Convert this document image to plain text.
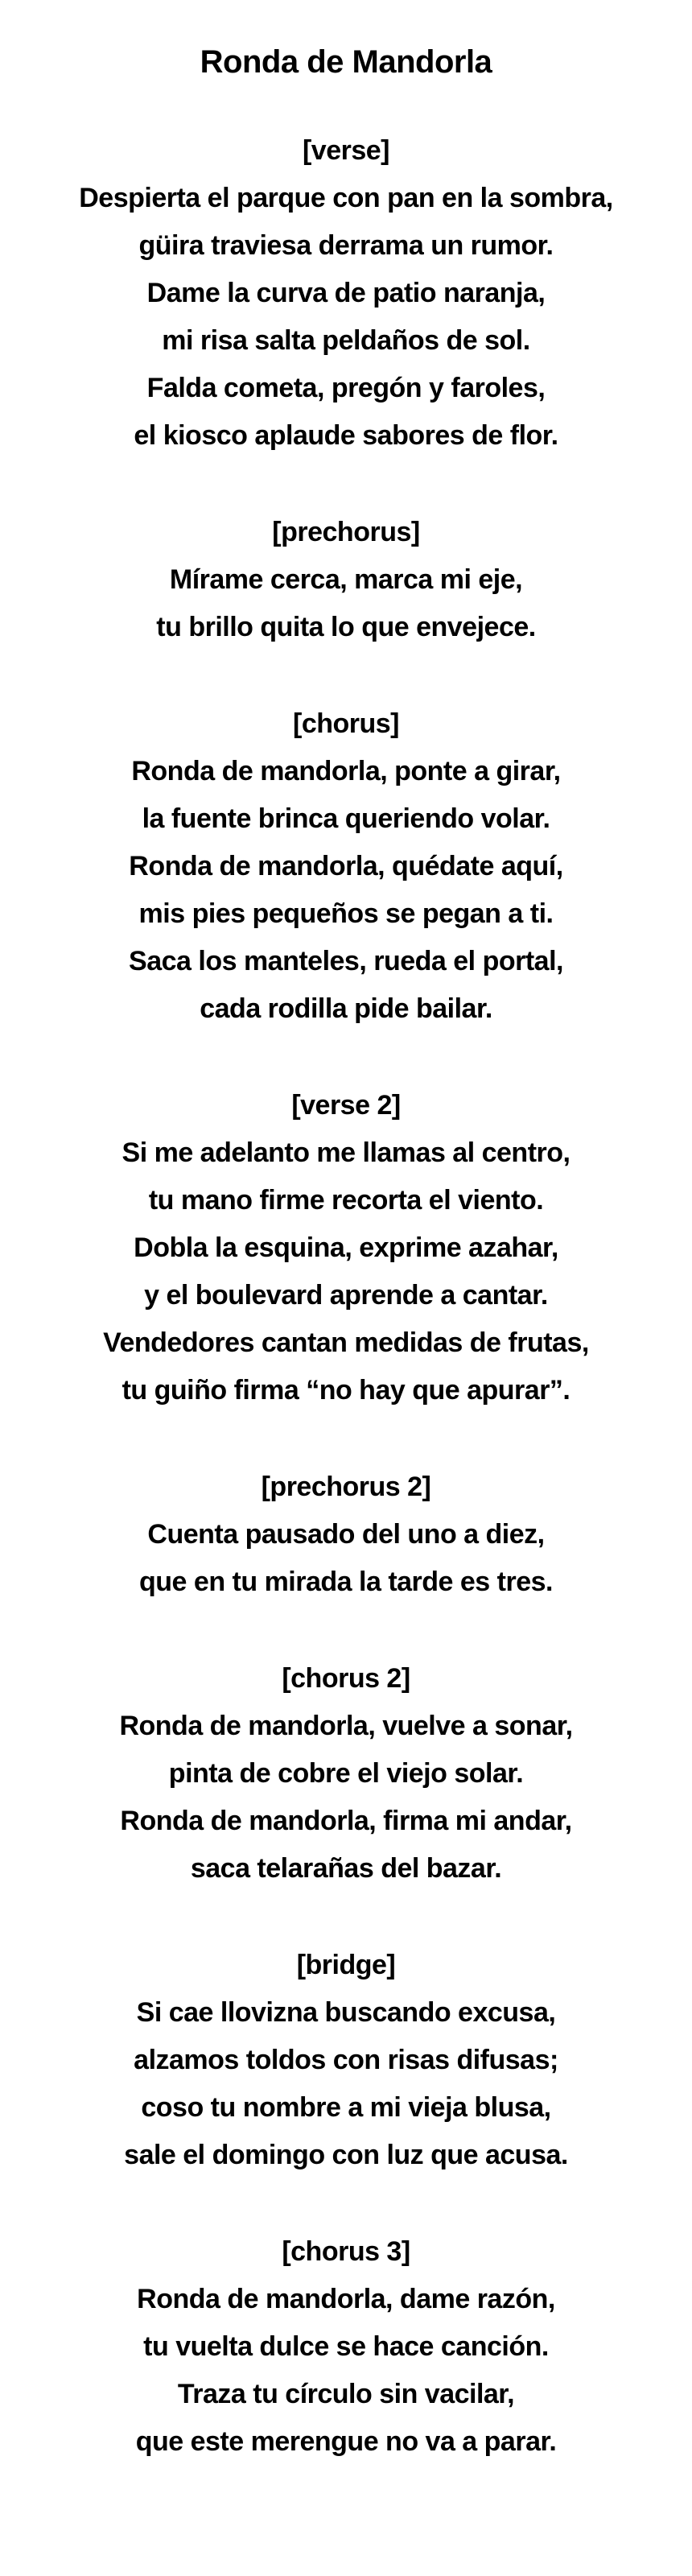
Ronda de Mandorla
[verse]
Despierta el parque con pan en la sombra,
güira traviesa derrama un rumor.
Dame la curva de patio naranja,
mi risa salta peldaños de sol.
Falda cometa, pregón y faroles,
el kiosco aplaude sabores de flor.
[prechorus]
Mírame cerca, marca mi eje,
tu brillo quita lo que envejece.
[chorus]
Ronda de mandorla, ponte a girar,
la fuente brinca queriendo volar.
Ronda de mandorla, quédate aquí,
mis pies pequeños se pegan a ti.
Saca los manteles, rueda el portal,
cada rodilla pide bailar.
[verse 2]
Si me adelanto me llamas al centro,
tu mano firme recorta el viento.
Dobla la esquina, exprime azahar,
y el boulevard aprende a cantar.
Vendedores cantan medidas de frutas,
tu guiño firma “no hay que apurar”.
[prechorus 2]
Cuenta pausado del uno a diez,
que en tu mirada la tarde es tres.
[chorus 2]
Ronda de mandorla, vuelve a sonar,
pinta de cobre el viejo solar.
Ronda de mandorla, firma mi andar,
saca telarañas del bazar.
[bridge]
Si cae llovizna buscando excusa,
alzamos toldos con risas difusas;
coso tu nombre a mi vieja blusa,
sale el domingo con luz que acusa.
[chorus 3]
Ronda de mandorla, dame razón,
tu vuelta dulce se hace canción.
Traza tu círculo sin vacilar,
que este merengue no va a parar.
